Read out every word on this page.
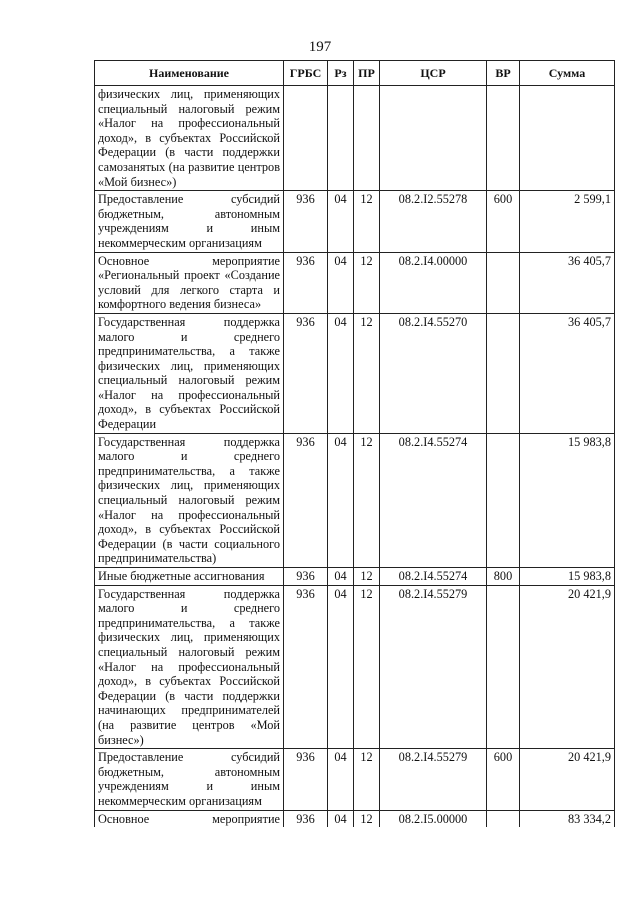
197
Наименование	ГРБС	Рз	ПР	ЦСР	ВР	Сумма
физических лиц, применяющих специальный налоговый режим «Налог на профессиональный доход», в субъектах Российской Федерации (в части поддержки самозанятых (на развитие центров «Мой бизнес»)						
Предоставление субсидий бюджетным, автономным учреждениям и иным некоммерческим организациям	936	04	12	08.2.I2.55278	600	2 599,1
Основное мероприятие «Региональный проект «Создание условий для легкого старта и комфортного ведения бизнеса»	936	04	12	08.2.I4.00000		36 405,7
Государственная поддержка малого и среднего предпринимательства, а также физических лиц, применяющих специальный налоговый режим «Налог на профессиональный доход», в субъектах Российской Федерации	936	04	12	08.2.I4.55270		36 405,7
Государственная поддержка малого и среднего предпринимательства, а также физических лиц, применяющих специальный налоговый режим «Налог на профессиональный доход», в субъектах Российской Федерации (в части социального предпринимательства)	936	04	12	08.2.I4.55274		15 983,8
Иные бюджетные ассигнования	936	04	12	08.2.I4.55274	800	15 983,8
Государственная поддержка малого и среднего предпринимательства, а также физических лиц, применяющих специальный налоговый режим «Налог на профессиональный доход», в субъектах Российской Федерации (в части поддержки начинающих предпринимателей (на развитие центров «Мой бизнес»)	936	04	12	08.2.I4.55279		20 421,9
Предоставление субсидий бюджетным, автономным учреждениям и иным некоммерческим организациям	936	04	12	08.2.I4.55279	600	20 421,9
Основное мероприятие	936	04	12	08.2.I5.00000		83 334,2
